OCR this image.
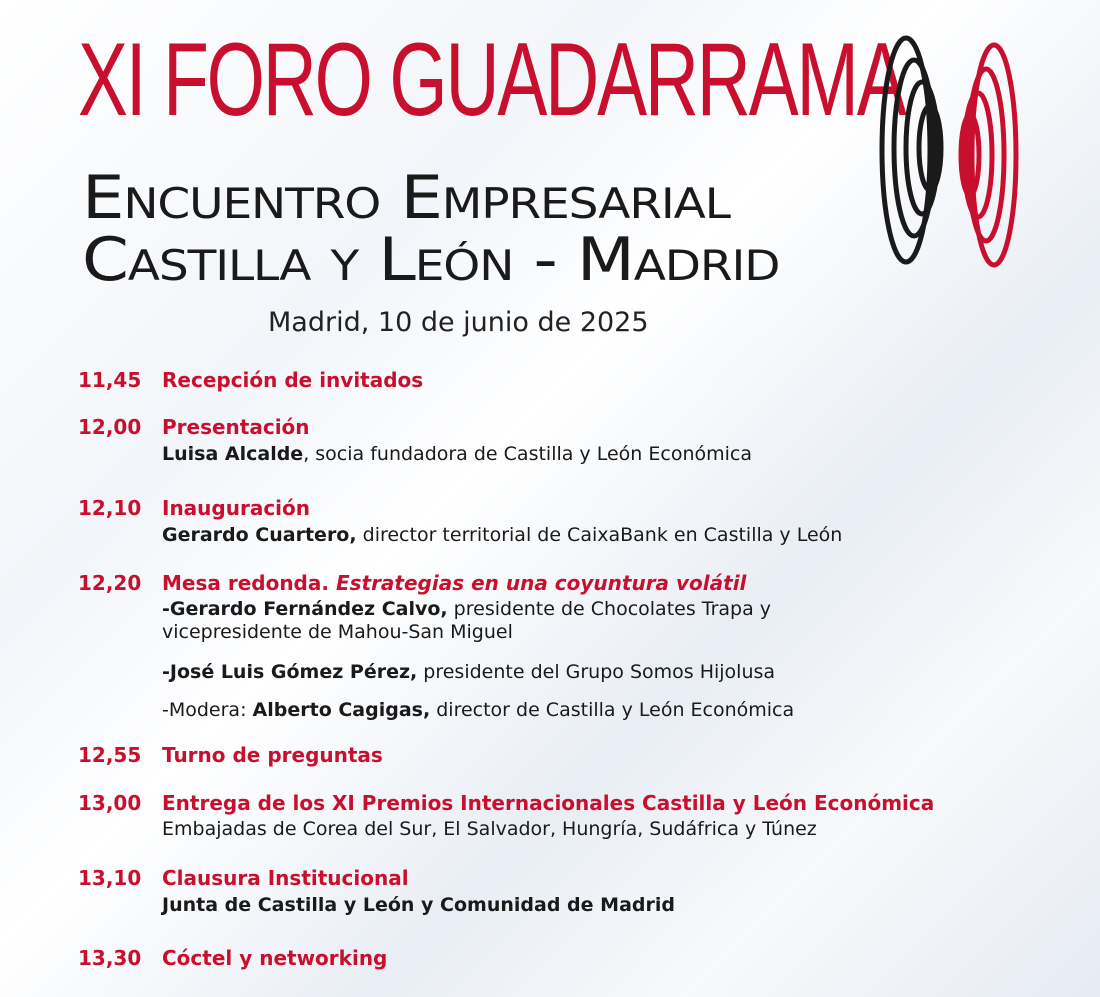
XI FORO GUADARRAMA
Encuentro Empresarial
Castilla y León - Madrid
Madrid, 10 de junio de 2025
11,45 Recepción de invitados
12,00 Presentación
Luisa Alcalde, socia fundadora de Castilla y León Económica
12,10 Inauguración
Gerardo Cuartero, director territorial de CaixaBank en Castilla y León
12,20 Mesa redonda. Estrategias en una coyuntura volátil
-Gerardo Fernández Calvo, presidente de Chocolates Trapa y
vicepresidente de Mahou-San Miguel
-José Luis Gómez Pérez, presidente del Grupo Somos Hijolusa
-Modera: Alberto Cagigas, director de Castilla y León Económica
12,55 Turno de preguntas
13,00 Entrega de los XI Premios Internacionales Castilla y León Económica
Embajadas de Corea del Sur, El Salvador, Hungría, Sudáfrica y Túnez
13,10 Clausura Institucional
Junta de Castilla y León y Comunidad de Madrid
13,30 Cóctel y networking
